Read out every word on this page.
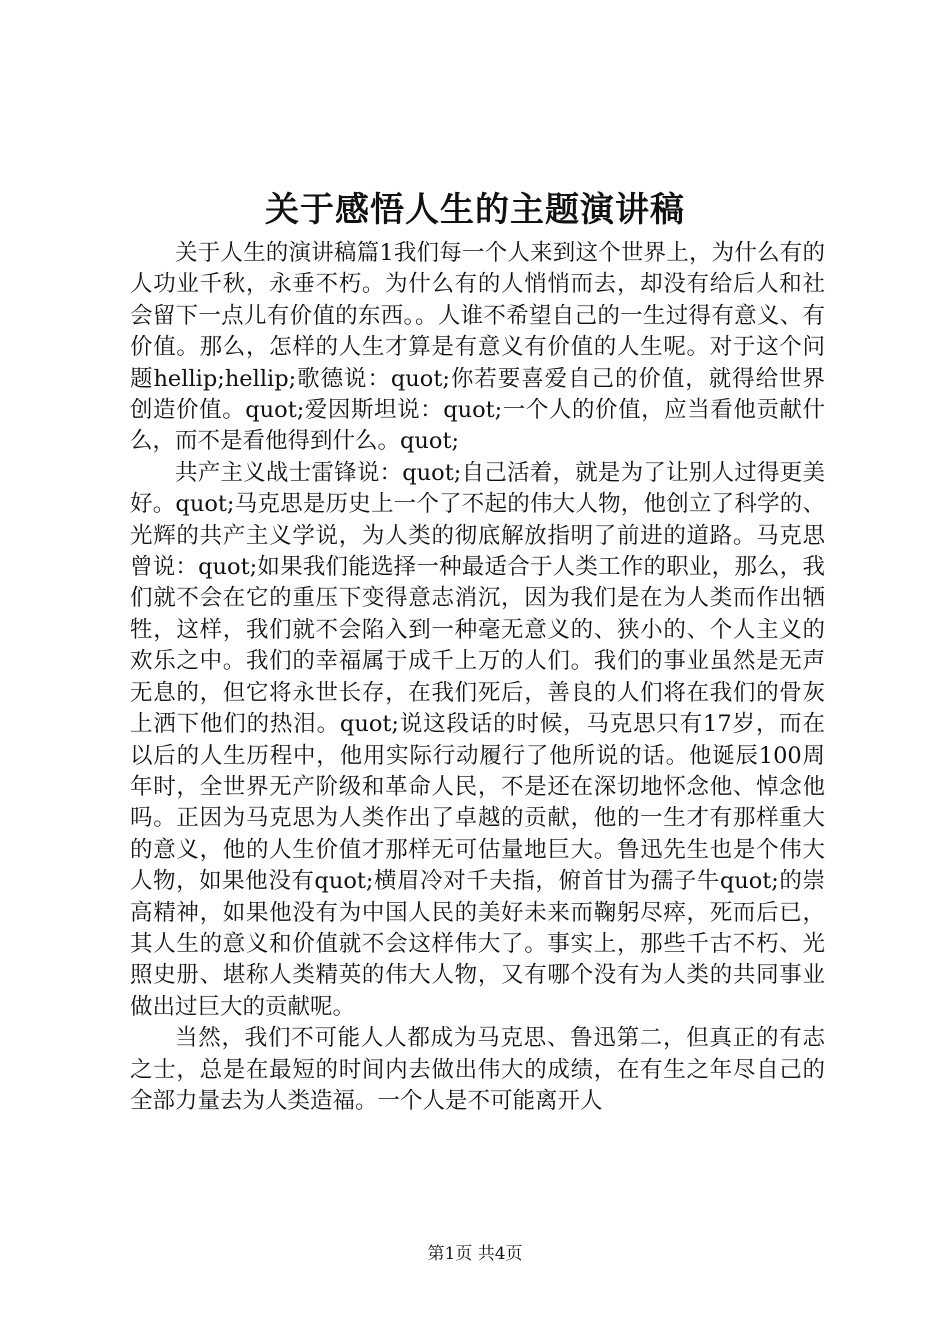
关于感悟人生的主题演讲稿

关于人生的演讲稿篇1我们每一个人来到这个世界上，为什么有的人功业千秋，永垂不朽。为什么有的人悄悄而去，却没有给后人和社会留下一点儿有价值的东西。。人谁不希望自己的一生过得有意义、有价值。那么，怎样的人生才算是有意义有价值的人生呢。对于这个问题hellip;hellip;歌德说：quot;你若要喜爱自己的价值，就得给世界创造价值。quot;爱因斯坦说：quot;一个人的价值，应当看他贡献什么，而不是看他得到什么。quot;

共产主义战士雷锋说：quot;自己活着，就是为了让别人过得更美好。quot;马克思是历史上一个了不起的伟大人物，他创立了科学的、光辉的共产主义学说，为人类的彻底解放指明了前进的道路。马克思曾说：quot;如果我们能选择一种最适合于人类工作的职业，那么，我们就不会在它的重压下变得意志消沉，因为我们是在为人类而作出牺牲，这样，我们就不会陷入到一种毫无意义的、狭小的、个人主义的欢乐之中。我们的幸福属于成千上万的人们。我们的事业虽然是无声无息的，但它将永世长存，在我们死后，善良的人们将在我们的骨灰上洒下他们的热泪。quot;说这段话的时候，马克思只有17岁，而在以后的人生历程中，他用实际行动履行了他所说的话。他诞辰100周年时，全世界无产阶级和革命人民，不是还在深切地怀念他、悼念他吗。正因为马克思为人类作出了卓越的贡献，他的一生才有那样重大的意义，他的人生价值才那样无可估量地巨大。鲁迅先生也是个伟大人物，如果他没有quot;横眉冷对千夫指，俯首甘为孺子牛quot;的崇高精神，如果他没有为中国人民的美好未来而鞠躬尽瘁，死而后已，其人生的意义和价值就不会这样伟大了。事实上，那些千古不朽、光照史册、堪称人类精英的伟大人物，又有哪个没有为人类的共同事业做出过巨大的贡献呢。

当然，我们不可能人人都成为马克思、鲁迅第二，但真正的有志之士，总是在最短的时间内去做出伟大的成绩，在有生之年尽自己的全部力量去为人类造福。一个人是不可能离开人

第1页 共4页
